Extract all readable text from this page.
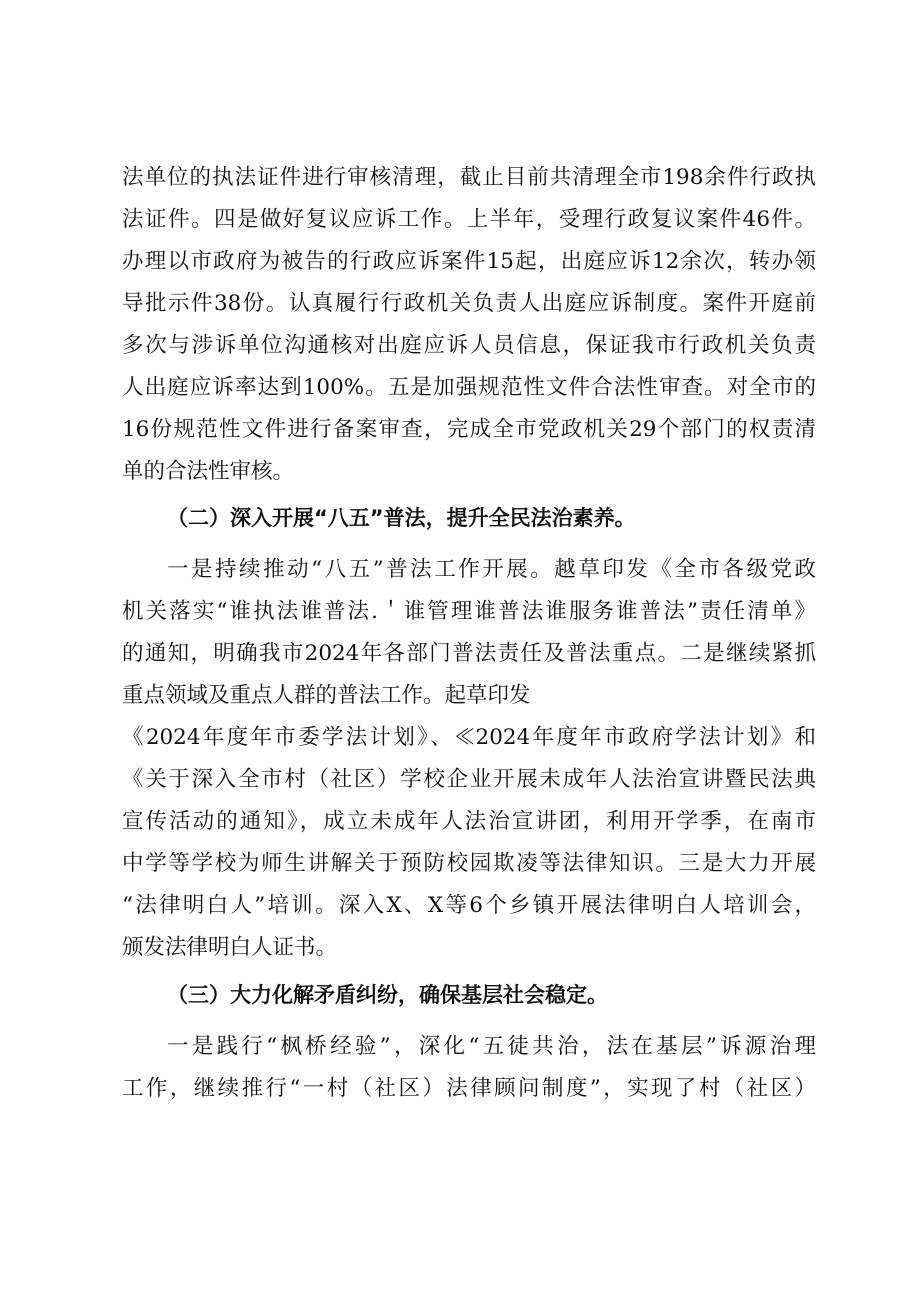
法单位的执法证件进行审核清理，截止目前共清理全市198余件行政执
法证件。四是做好复议应诉工作。上半年，受理行政复议案件46件。
办理以市政府为被告的行政应诉案件15起，出庭应诉12余次，转办领
导批示件38份。认真履行行政机关负责人出庭应诉制度。案件开庭前
多次与涉诉单位沟通核对出庭应诉人员信息，保证我市行政机关负责
人出庭应诉率达到100%。五是加强规范性文件合法性审查。对全市的
16份规范性文件进行备案审查，完成全市党政机关29个部门的权责清
单的合法性审核。
（二）深入开展“八五”普法，提升全民法治素养。
一是持续推动“八五”普法工作开展。越草印发《全市各级党政
机关落实“谁执法谁普法.＇谁管理谁普法谁服务谁普法”责任清单》
的通知，明确我市2024年各部门普法责任及普法重点。二是继续紧抓
重点领域及重点人群的普法工作。起草印发
《2024年度年市委学法计划》、≪2024年度年市政府学法计划》和
《关于深入全市村（社区）学校企业开展未成年人法治宣讲暨民法典
宣传活动的通知》，成立未成年人法治宣讲团，利用开学季，在南市
中学等学校为师生讲解关于预防校园欺凌等法律知识。三是大力开展
“法律明白人”培训。深入X、X等6个乡镇开展法律明白人培训会，
颁发法律明白人证书。
（三）大力化解矛盾纠纷，确保基层社会稳定。
一是践行“枫桥经验”，深化“五徒共治，法在基层”诉源治理
工作，继续推行“一村（社区）法律顾问制度”，实现了村（社区）
